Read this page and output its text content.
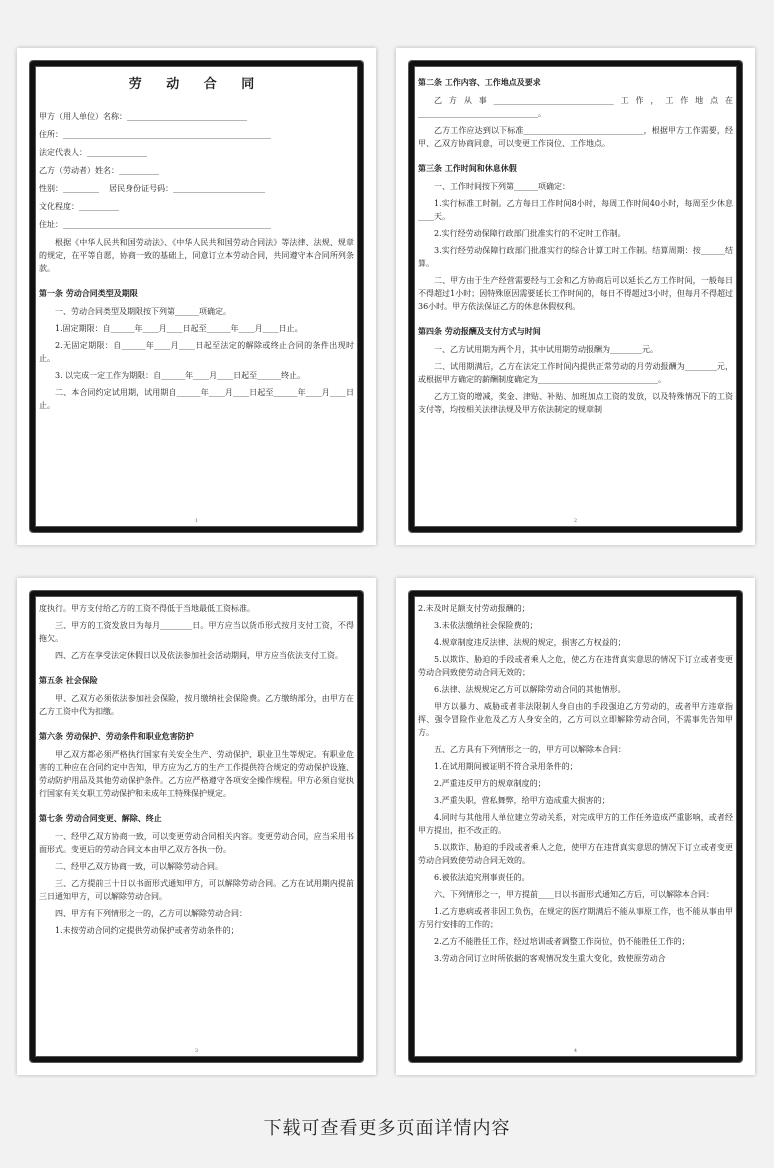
劳 动 合 同
甲方（用人单位）名称：______________________________
住所：____________________________________________________
法定代表人：_______________
乙方（劳动者）姓名：__________
性别：_________    居民身份证号码：_______________________
文化程度：__________
住址：____________________________________________________
根据《中华人民共和国劳动法》、《中华人民共和国劳动合同法》等法律、法规、规章的规定，在平等自愿，协商一致的基础上，同意订立本劳动合同，共同遵守本合同所列条款。
第一条 劳动合同类型及期限
一、劳动合同类型及期限按下列第______项确定。
1.固定期限：自______年____月____日起至______年____月____日止。
2.无固定期限：自______年____月____日起至法定的解除或终止合同的条件出现时止。
3. 以完成一定工作为期限：自______年____月____日起至______终止。
二、本合同约定试用期，试用期自______年____月____日起至______年____月____日止。
1
第二条 工作内容、工作地点及要求
乙方从事______________________________工作，工作地点在______________________________。
乙方工作应达到以下标准______________________________，根据甲方工作需要，经甲、乙双方协商同意，可以变更工作岗位、工作地点。
第三条 工作时间和休息休假
一、工作时间按下列第______项确定：
1.实行标准工时制。乙方每日工作时间8小时，每周工作时间40小时，每周至少休息____天。
2.实行经劳动保障行政部门批准实行的不定时工作制。
3.实行经劳动保障行政部门批准实行的综合计算工时工作制。结算周期：按______结算。
二、甲方由于生产经营需要经与工会和乙方协商后可以延长乙方工作时间，一般每日不得超过1小时；因特殊原因需要延长工作时间的，每日不得超过3小时，但每月不得超过36小时。甲方依法保证乙方的休息休假权利。
第四条 劳动报酬及支付方式与时间
一、乙方试用期为两个月，其中试用期劳动报酬为________元。
二、试用期满后，乙方在法定工作时间内提供正常劳动的月劳动报酬为________元，或根据甲方确定的薪酬制度确定为______________________________。
乙方工资的增减，奖金、津贴、补贴、加班加点工资的发放，以及特殊情况下的工资支付等，均按相关法律法规及甲方依法制定的规章制
2
度执行。甲方支付给乙方的工资不得低于当地最低工资标准。
三、甲方的工资发放日为每月________日。甲方应当以货币形式按月支付工资，不得拖欠。
四、乙方在享受法定休假日以及依法参加社会活动期间，甲方应当依法支付工资。
第五条 社会保险
甲、乙双方必须依法参加社会保险，按月缴纳社会保险费。乙方缴纳部分，由甲方在乙方工资中代为扣缴。
第六条 劳动保护、劳动条件和职业危害防护
甲乙双方都必须严格执行国家有关安全生产、劳动保护、职业卫生等规定。有职业危害的工种应在合同约定中告知，甲方应为乙方的生产工作提供符合规定的劳动保护设施、劳动防护用品及其他劳动保护条件。乙方应严格遵守各项安全操作规程。甲方必须自觉执行国家有关女职工劳动保护和未成年工特殊保护规定。
第七条 劳动合同变更、解除、终止
一、经甲乙双方协商一致，可以变更劳动合同相关内容。变更劳动合同，应当采用书面形式。变更后的劳动合同文本由甲乙双方各执一份。
二、经甲乙双方协商一致，可以解除劳动合同。
三、乙方提前三十日以书面形式通知甲方，可以解除劳动合同。乙方在试用期内提前三日通知甲方，可以解除劳动合同。
四、甲方有下列情形之一的，乙方可以解除劳动合同：
1.未按劳动合同约定提供劳动保护或者劳动条件的；
3
2.未及时足额支付劳动报酬的；
3.未依法缴纳社会保险费的；
4.规章制度违反法律、法规的规定，损害乙方权益的；
5.以欺诈、胁迫的手段或者乘人之危，使乙方在违背真实意思的情况下订立或者变更劳动合同致使劳动合同无效的；
6.法律、法规规定乙方可以解除劳动合同的其他情形。
甲方以暴力、威胁或者非法限制人身自由的手段强迫乙方劳动的，或者甲方违章指挥、强令冒险作业危及乙方人身安全的，乙方可以立即解除劳动合同，不需事先告知甲方。
五、乙方具有下列情形之一的，甲方可以解除本合同：
1.在试用期间被证明不符合录用条件的；
2.严重违反甲方的规章制度的；
3.严重失职，营私舞弊，给甲方造成重大损害的；
4.同时与其他用人单位建立劳动关系，对完成甲方的工作任务造成严重影响，或者经甲方提出，拒不改正的。
5.以欺诈、胁迫的手段或者乘人之危，使甲方在违背真实意思的情况下订立或者变更劳动合同致使劳动合同无效的。
6.被依法追究刑事责任的。
六、下列情形之一，甲方提前____日以书面形式通知乙方后，可以解除本合同：
1.乙方患病或者非因工负伤，在规定的医疗期满后不能从事原工作，也不能从事由甲方另行安排的工作的；
2.乙方不能胜任工作，经过培训或者调整工作岗位，仍不能胜任工作的；
3.劳动合同订立时所依据的客观情况发生重大变化，致使原劳动合
4
下载可查看更多页面详情内容
